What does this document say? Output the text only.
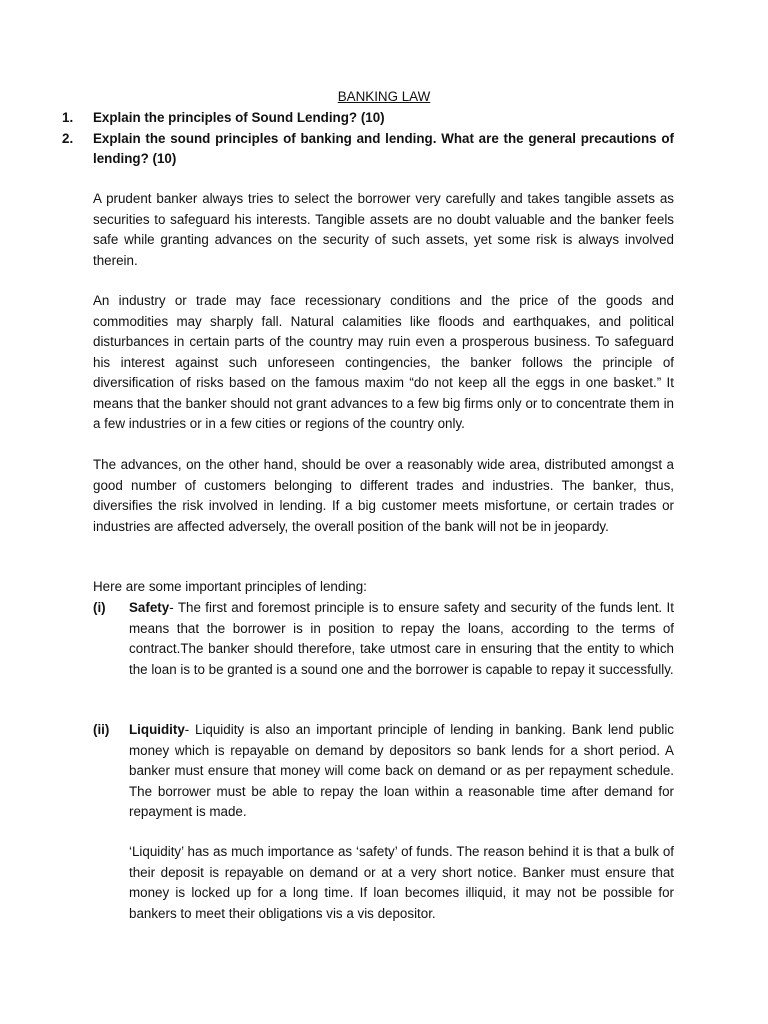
BANKING LAW
1.	Explain the principles of Sound Lending? (10)
2.	Explain the sound principles of banking and lending. What are the general precautions of lending? (10)

A prudent banker always tries to select the borrower very carefully and takes tangible assets as securities to safeguard his interests. Tangible assets are no doubt valuable and the banker feels safe while granting advances on the security of such assets, yet some risk is always involved therein.

An industry or trade may face recessionary conditions and the price of the goods and commodities may sharply fall. Natural calamities like floods and earthquakes, and political disturbances in certain parts of the country may ruin even a prosperous business. To safeguard his interest against such unforeseen contingencies, the banker follows the principle of diversification of risks based on the famous maxim “do not keep all the eggs in one basket.” It means that the banker should not grant advances to a few big firms only or to concentrate them in a few industries or in a few cities or regions of the country only.

The advances, on the other hand, should be over a reasonably wide area, distributed amongst a good number of customers belonging to different trades and industries. The banker, thus, diversifies the risk involved in lending. If a big customer meets misfortune, or certain trades or industries are affected adversely, the overall position of the bank will not be in jeopardy.

Here are some important principles of lending:

(i)	Safety- The first and foremost principle is to ensure safety and security of the funds lent. It means that the borrower is in position to repay the loans, according to the terms of contract.The banker should therefore, take utmost care in ensuring that the entity to which the loan is to be granted is a sound one and the borrower is capable to repay it successfully.

(ii)	Liquidity- Liquidity is also an important principle of lending in banking. Bank lend public money which is repayable on demand by depositors so bank lends for a short period. A banker must ensure that money will come back on demand or as per repayment schedule. The borrower must be able to repay the loan within a reasonable time after demand for repayment is made.

‘Liquidity’ has as much importance as ‘safety’ of funds. The reason behind it is that a bulk of their deposit is repayable on demand or at a very short notice. Banker must ensure that money is locked up for a long time. If loan becomes illiquid, it may not be possible for bankers to meet their obligations vis a vis depositor.
